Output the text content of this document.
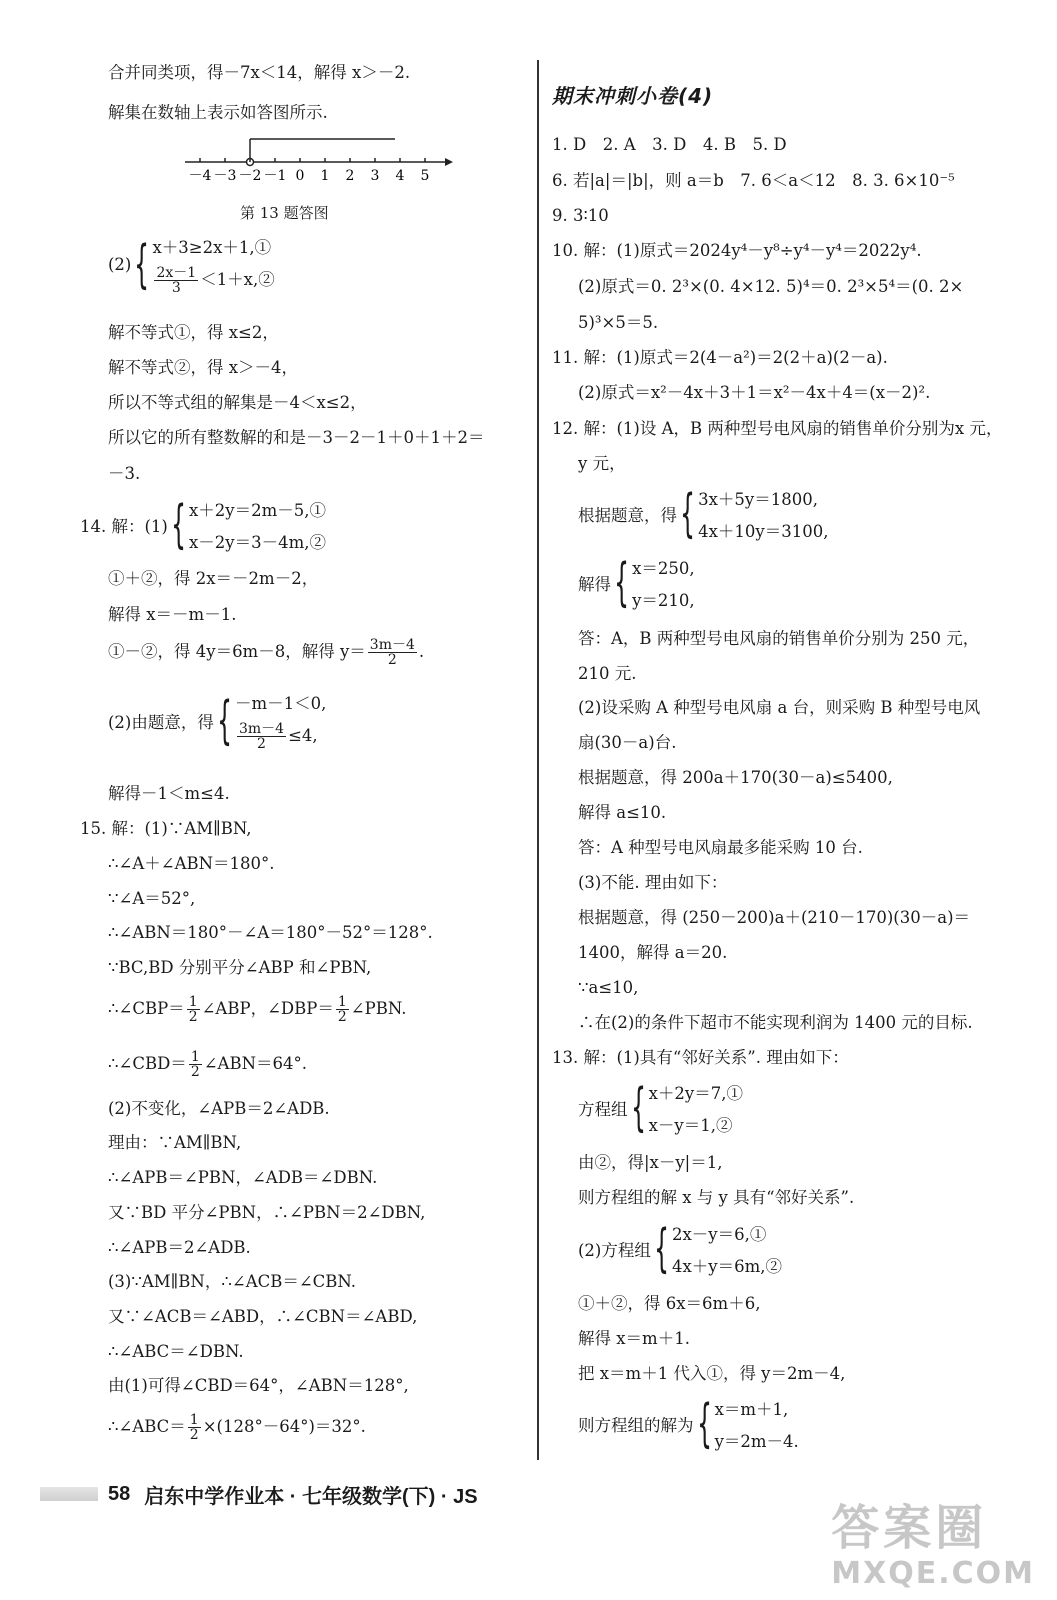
合并同类项，得－7x＜14，解得 x＞－2.
解集在数轴上表示如答图所示.
－4 －3 －2 －1 0 1 2 3 4 5
第 13 题答图
(2) { x＋3≥2x＋1,①
$\frac{2x-1}{3}$ ＜1＋x,②
解不等式①，得 x≤2，
解不等式②，得 x＞－4，
所以不等式组的解集是－4＜x≤2，
所以它的所有整数解的和是－3－2－1＋0＋1＋2＝
－3.
14. 解：(1) { x＋2y＝2m－5,①
x－2y＝3－4m,②
①＋②，得 2x＝－2m－2，
解得 x＝－m－1.
①－②，得 4y＝6m－8，解得 $y= \frac{3m-4}{2}$ .
(2)由题意，得 { －m－1＜0,
$\frac{3m-4}{2} \le 4$,
解得－1＜m≤4.
15. 解：(1)∵AM∥BN,
∴∠A＋∠ABN＝180°.
∵∠A＝52°,
∴∠ABN＝180°－∠A＝180°－52°＝128°.
∵BC,BD 分别平分∠ABP 和∠PBN,
∴∠CBP＝ $\frac{1}{2}$ ∠ABP，∠DBP＝ $\frac{1}{2}$ ∠PBN.
∴∠CBD＝ $\frac{1}{2}$ ∠ABN＝64°.
(2)不变化，∠APB＝2∠ADB.
理由：∵AM∥BN,
∴∠APB＝∠PBN，∠ADB＝∠DBN.
又∵BD 平分∠PBN，∴∠PBN＝2∠DBN,
∴∠APB＝2∠ADB.
(3)∵AM∥BN，∴∠ACB＝∠CBN.
又∵∠ACB＝∠ABD，∴∠CBN＝∠ABD,
∴∠ABC＝∠DBN.
由(1)可得∠CBD＝64°，∠ABN＝128°,
∴∠ABC＝ $\frac{1}{2} \times(128^\circ-64^\circ)=32^\circ$.
期末冲刺小卷(4)
1. D　2. A　3. D　4. B　5. D
6. 若|a|＝|b|，则 a＝b　7. 6＜a＜12　8. 3. 6×10⁻⁵
9. 3∶10
10. 解：(1)原式＝2024y⁴－y⁸÷y⁴－y⁴＝2022y⁴.
(2)原式＝0. 2³×(0. 4×12. 5)⁴＝0. 2³×5⁴＝(0. 2×
5)³×5＝5.
11. 解：(1)原式＝2(4－a²)＝2(2＋a)(2－a).
(2)原式＝x²－4x＋3＋1＝x²－4x＋4＝(x－2)².
12. 解：(1)设 A，B 两种型号电风扇的销售单价分别为x 元，
y 元，
根据题意，得 { 3x＋5y＝1800,
4x＋10y＝3100,
解得 { x＝250,
y＝210,
答：A，B 两种型号电风扇的销售单价分别为 250 元，
210 元.
(2)设采购 A 种型号电风扇 a 台，则采购 B 种型号电风
扇(30－a)台.
根据题意，得 200a＋170(30－a)≤5400,
解得 a≤10.
答：A 种型号电风扇最多能采购 10 台.
(3)不能. 理由如下：
根据题意，得 (250－200)a＋(210－170)(30－a)＝
1400，解得 a＝20.
∵a≤10,
∴在(2)的条件下超市不能实现利润为 1400 元的目标.
13. 解：(1)具有“邻好关系”. 理由如下：
方程组 { x＋2y＝7,①
x－y＝1,②
由②，得|x－y|＝1,
则方程组的解 x 与 y 具有“邻好关系”.
(2)方程组 { 2x－y＝6,①
4x＋y＝6m,②
①＋②，得 6x＝6m＋6,
解得 x＝m＋1.
把 x＝m＋1 代入①，得 y＝2m－4,
则方程组的解为 { x＝m＋1,
y＝2m－4.
58 启东中学作业本 · 七年级数学(下) · JS
答案圈
MXQE.COM
